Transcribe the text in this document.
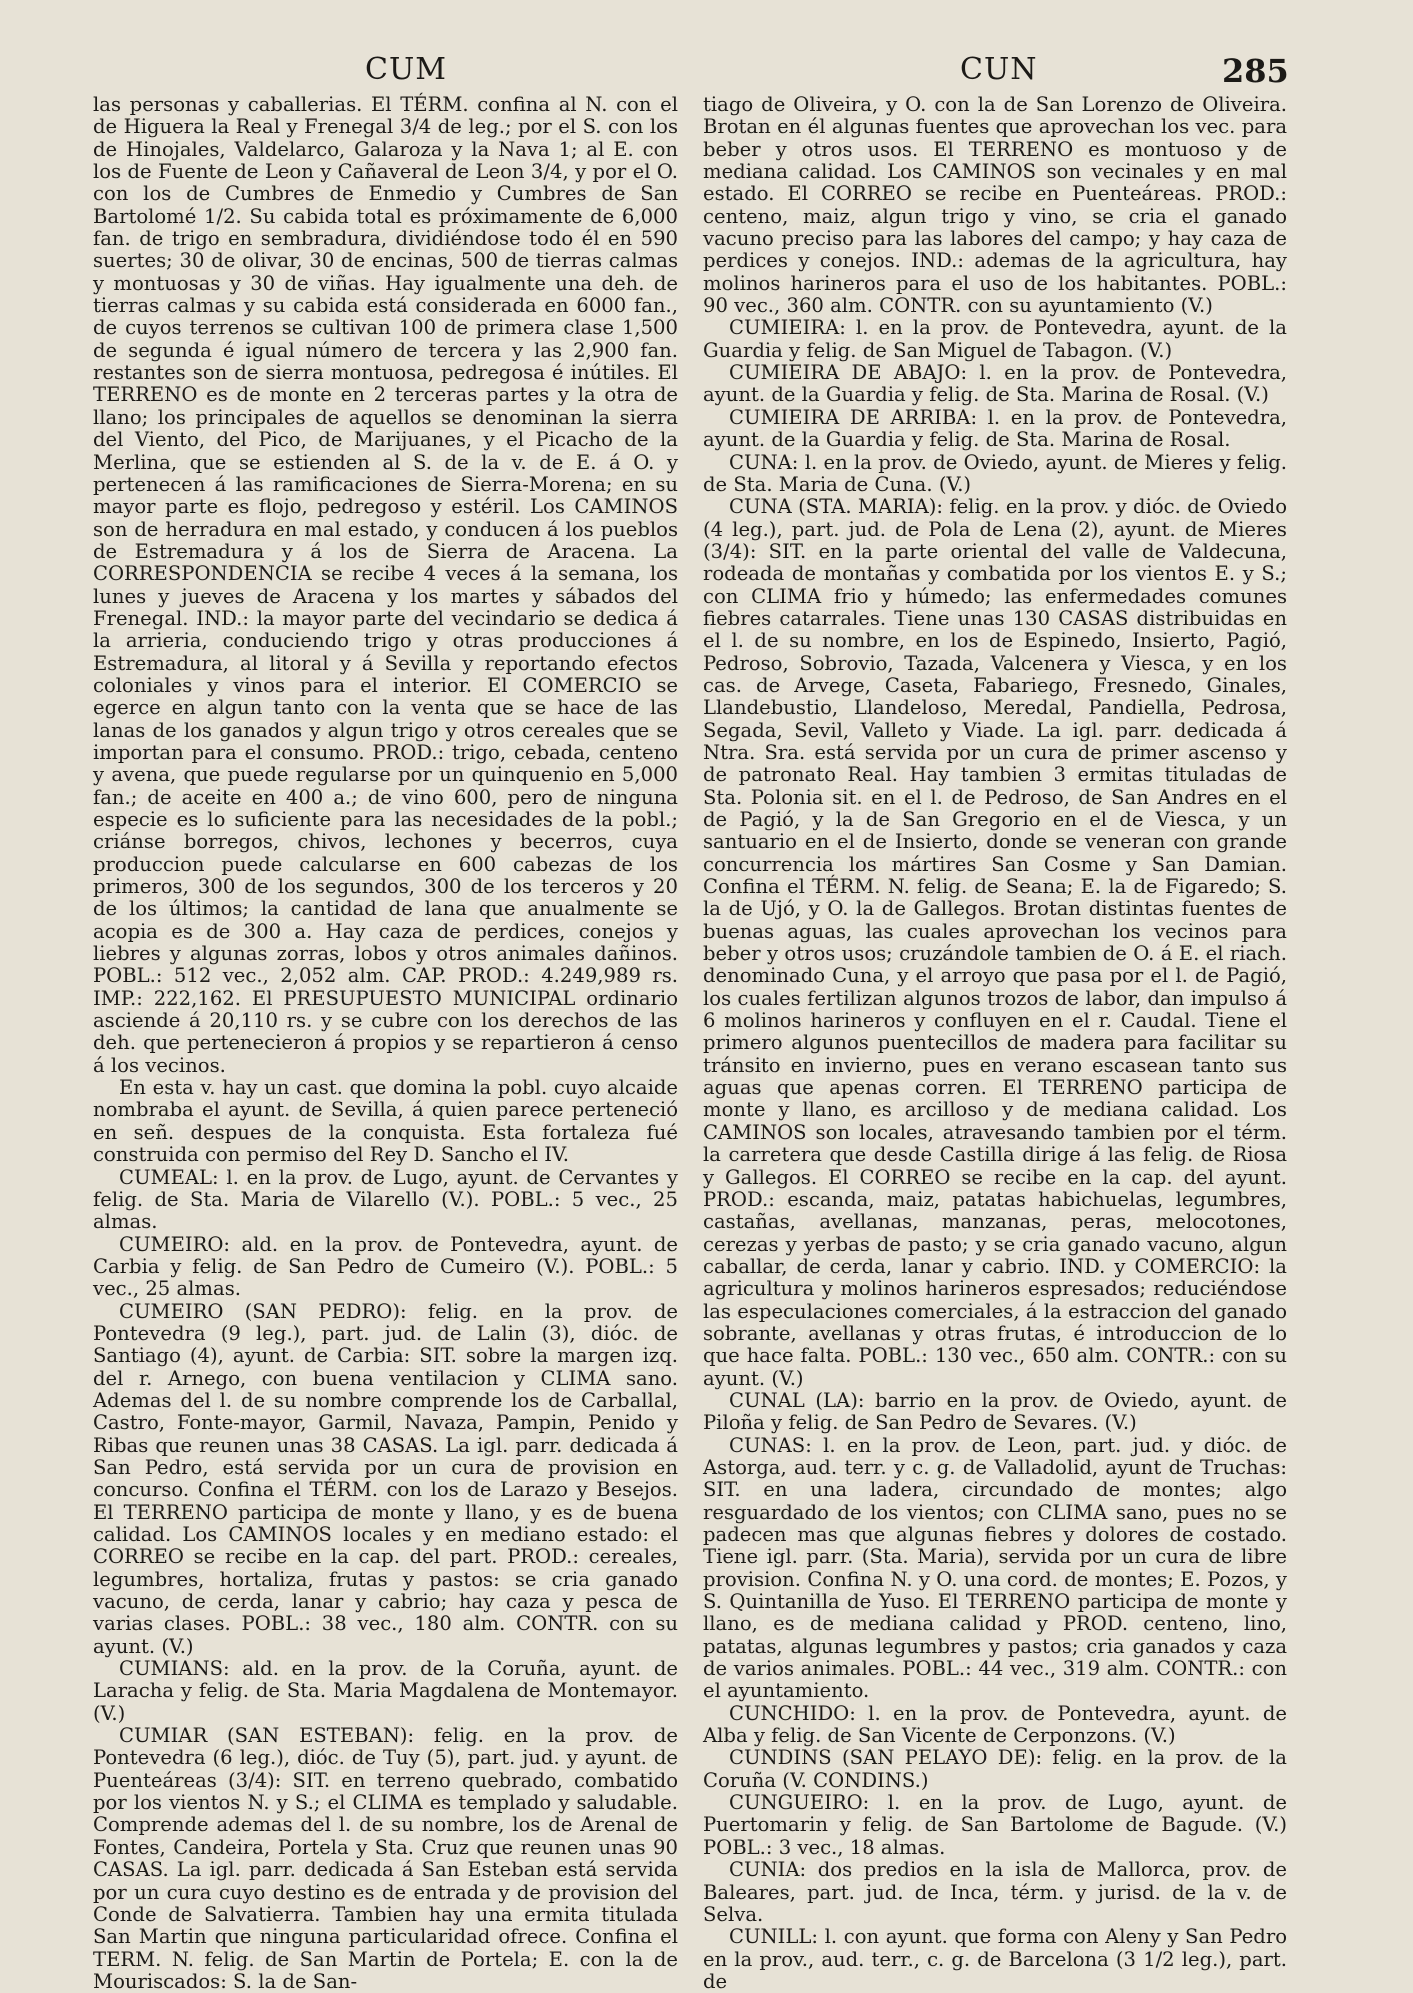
CUM	CUN	285

las personas y caballerias. El TÉRM. confina al N. con el de Higuera la Real y Frenegal 3/4 de leg.; por el S. con los de Hinojales, Valdelarco, Galaroza y la Nava 1; al E. con los de Fuente de Leon y Cañaveral de Leon 3/4, y por el O. con los de Cumbres de Enmedio y Cumbres de San Bartolomé 1/2. Su cabida total es próximamente de 6,000 fan. de trigo en sembradura, dividiéndose todo él en 590 suertes; 30 de olivar, 30 de encinas, 500 de tierras calmas y montuosas y 30 de viñas. Hay igualmente una deh. de tierras calmas y su cabida está considerada en 6000 fan., de cuyos terrenos se cultivan 100 de primera clase 1,500 de segunda é igual número de tercera y las 2,900 fan. restantes son de sierra montuosa, pedregosa é inútiles. El TERRENO es de monte en 2 terceras partes y la otra de llano; los principales de aquellos se denominan la sierra del Viento, del Pico, de Marijuanes, y el Picacho de la Merlina, que se estienden al S. de la v. de E. á O. y pertenecen á las ramificaciones de Sierra-Morena; en su mayor parte es flojo, pedregoso y estéril. Los CAMINOS son de herradura en mal estado, y conducen á los pueblos de Estremadura y á los de Sierra de Aracena. La CORRESPONDENCIA se recibe 4 veces á la semana, los lunes y jueves de Aracena y los martes y sábados del Frenegal. IND.: la mayor parte del vecindario se dedica á la arrieria, conduciendo trigo y otras producciones á Estremadura, al litoral y á Sevilla y reportando efectos coloniales y vinos para el interior. El COMERCIO se egerce en algun tanto con la venta que se hace de las lanas de los ganados y algun trigo y otros cereales que se importan para el consumo. PROD.: trigo, cebada, centeno y avena, que puede regularse por un quinquenio en 5,000 fan.; de aceite en 400 a.; de vino 600, pero de ninguna especie es lo suficiente para las necesidades de la pobl.; criánse borregos, chivos, lechones y becerros, cuya produccion puede calcularse en 600 cabezas de los primeros, 300 de los segundos, 300 de los terceros y 20 de los últimos; la cantidad de lana que anualmente se acopia es de 300 a. Hay caza de perdices, conejos y liebres y algunas zorras, lobos y otros animales dañinos. POBL.: 512 vec., 2,052 alm. CAP. PROD.: 4.249,989 rs. IMP.: 222,162. El PRESUPUESTO MUNICIPAL ordinario asciende á 20,110 rs. y se cubre con los derechos de las deh. que pertenecieron á propios y se repartieron á censo á los vecinos.

En esta v. hay un cast. que domina la pobl. cuyo alcaide nombraba el ayunt. de Sevilla, á quien parece perteneció en señ. despues de la conquista. Esta fortaleza fué construida con permiso del Rey D. Sancho el IV.

CUMEAL: l. en la prov. de Lugo, ayunt. de Cervantes y felig. de Sta. Maria de Vilarello (V.). POBL.: 5 vec., 25 almas.

CUMEIRO: ald. en la prov. de Pontevedra, ayunt. de Carbia y felig. de San Pedro de Cumeiro (V.). POBL.: 5 vec., 25 almas.

CUMEIRO (SAN PEDRO): felig. en la prov. de Pontevedra (9 leg.), part. jud. de Lalin (3), dióc. de Santiago (4), ayunt. de Carbia: SIT. sobre la margen izq. del r. Arnego, con buena ventilacion y CLIMA sano. Ademas del l. de su nombre comprende los de Carballal, Castro, Fonte-mayor, Garmil, Navaza, Pampin, Penido y Ribas que reunen unas 38 CASAS. La igl. parr. dedicada á San Pedro, está servida por un cura de provision en concurso. Confina el TÉRM. con los de Larazo y Besejos. El TERRENO participa de monte y llano, y es de buena calidad. Los CAMINOS locales y en mediano estado: el CORREO se recibe en la cap. del part. PROD.: cereales, legumbres, hortaliza, frutas y pastos: se cria ganado vacuno, de cerda, lanar y cabrio; hay caza y pesca de varias clases. POBL.: 38 vec., 180 alm. CONTR. con su ayunt. (V.)

CUMIANS: ald. en la prov. de la Coruña, ayunt. de Laracha y felig. de Sta. Maria Magdalena de Montemayor. (V.)

CUMIAR (SAN ESTEBAN): felig. en la prov. de Pontevedra (6 leg.), dióc. de Tuy (5), part. jud. y ayunt. de Puenteáreas (3/4): SIT. en terreno quebrado, combatido por los vientos N. y S.; el CLIMA es templado y saludable. Comprende ademas del l. de su nombre, los de Arenal de Fontes, Candeira, Portela y Sta. Cruz que reunen unas 90 CASAS. La igl. parr. dedicada á San Esteban está servida por un cura cuyo destino es de entrada y de provision del Conde de Salvatierra. Tambien hay una ermita titulada San Martin que ninguna particularidad ofrece. Confina el TERM. N. felig. de San Martin de Portela; E. con la de Mouriscados: S. la de San-

tiago de Oliveira, y O. con la de San Lorenzo de Oliveira. Brotan en él algunas fuentes que aprovechan los vec. para beber y otros usos. El TERRENO es montuoso y de mediana calidad. Los CAMINOS son vecinales y en mal estado. El CORREO se recibe en Puenteáreas. PROD.: centeno, maiz, algun trigo y vino, se cria el ganado vacuno preciso para las labores del campo; y hay caza de perdices y conejos. IND.: ademas de la agricultura, hay molinos harineros para el uso de los habitantes. POBL.: 90 vec., 360 alm. CONTR. con su ayuntamiento (V.)

CUMIEIRA: l. en la prov. de Pontevedra, ayunt. de la Guardia y felig. de San Miguel de Tabagon. (V.)

CUMIEIRA DE ABAJO: l. en la prov. de Pontevedra, ayunt. de la Guardia y felig. de Sta. Marina de Rosal. (V.)

CUMIEIRA DE ARRIBA: l. en la prov. de Pontevedra, ayunt. de la Guardia y felig. de Sta. Marina de Rosal.

CUNA: l. en la prov. de Oviedo, ayunt. de Mieres y felig. de Sta. Maria de Cuna. (V.)

CUNA (STA. MARIA): felig. en la prov. y dióc. de Oviedo (4 leg.), part. jud. de Pola de Lena (2), ayunt. de Mieres (3/4): SIT. en la parte oriental del valle de Valdecuna, rodeada de montañas y combatida por los vientos E. y S.; con CLIMA frio y húmedo; las enfermedades comunes fiebres catarrales. Tiene unas 130 CASAS distribuidas en el l. de su nombre, en los de Espinedo, Insierto, Pagió, Pedroso, Sobrovio, Tazada, Valcenera y Viesca, y en los cas. de Arvege, Caseta, Fabariego, Fresnedo, Ginales, Llandebustio, Llandeloso, Meredal, Pandiella, Pedrosa, Segada, Sevil, Valleto y Viade. La igl. parr. dedicada á Ntra. Sra. está servida por un cura de primer ascenso y de patronato Real. Hay tambien 3 ermitas tituladas de Sta. Polonia sit. en el l. de Pedroso, de San Andres en el de Pagió, y la de San Gregorio en el de Viesca, y un santuario en el de Insierto, donde se veneran con grande concurrencia los mártires San Cosme y San Damian. Confina el TÉRM. N. felig. de Seana; E. la de Figaredo; S. la de Ujó, y O. la de Gallegos. Brotan distintas fuentes de buenas aguas, las cuales aprovechan los vecinos para beber y otros usos; cruzándole tambien de O. á E. el riach. denominado Cuna, y el arroyo que pasa por el l. de Pagió, los cuales fertilizan algunos trozos de labor, dan impulso á 6 molinos harineros y confluyen en el r. Caudal. Tiene el primero algunos puentecillos de madera para facilitar su tránsito en invierno, pues en verano escasean tanto sus aguas que apenas corren. El TERRENO participa de monte y llano, es arcilloso y de mediana calidad. Los CAMINOS son locales, atravesando tambien por el térm. la carretera que desde Castilla dirige á las felig. de Riosa y Gallegos. El CORREO se recibe en la cap. del ayunt. PROD.: escanda, maiz, patatas habichuelas, legumbres, castañas, avellanas, manzanas, peras, melocotones, cerezas y yerbas de pasto; y se cria ganado vacuno, algun caballar, de cerda, lanar y cabrio. IND. y COMERCIO: la agricultura y molinos harineros espresados; reduciéndose las especulaciones comerciales, á la estraccion del ganado sobrante, avellanas y otras frutas, é introduccion de lo que hace falta. POBL.: 130 vec., 650 alm. CONTR.: con su ayunt. (V.)

CUNAL (LA): barrio en la prov. de Oviedo, ayunt. de Piloña y felig. de San Pedro de Sevares. (V.)

CUNAS: l. en la prov. de Leon, part. jud. y dióc. de Astorga, aud. terr. y c. g. de Valladolid, ayunt de Truchas: SIT. en una ladera, circundado de montes; algo resguardado de los vientos; con CLIMA sano, pues no se padecen mas que algunas fiebres y dolores de costado. Tiene igl. parr. (Sta. Maria), servida por un cura de libre provision. Confina N. y O. una cord. de montes; E. Pozos, y S. Quintanilla de Yuso. El TERRENO participa de monte y llano, es de mediana calidad y PROD. centeno, lino, patatas, algunas legumbres y pastos; cria ganados y caza de varios animales. POBL.: 44 vec., 319 alm. CONTR.: con el ayuntamiento.

CUNCHIDO: l. en la prov. de Pontevedra, ayunt. de Alba y felig. de San Vicente de Cerponzons. (V.)

CUNDINS (SAN PELAYO DE): felig. en la prov. de la Coruña (V. CONDINS.)

CUNGUEIRO: l. en la prov. de Lugo, ayunt. de Puertomarin y felig. de San Bartolome de Bagude. (V.) POBL.: 3 vec., 18 almas.

CUNIA: dos predios en la isla de Mallorca, prov. de Baleares, part. jud. de Inca, térm. y jurisd. de la v. de Selva.

CUNILL: l. con ayunt. que forma con Aleny y San Pedro en la prov., aud. terr., c. g. de Barcelona (3 1/2 leg.), part. de
